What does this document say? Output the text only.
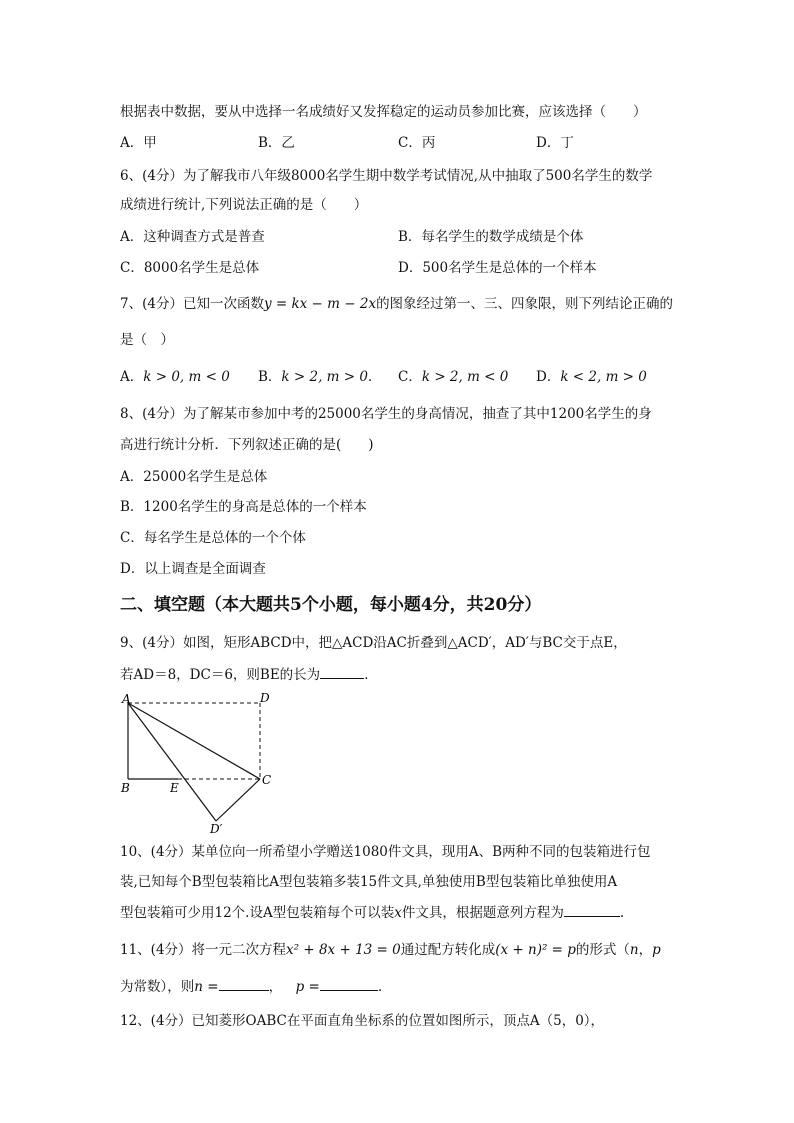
根据表中数据，要从中选择一名成绩好又发挥稳定的运动员参加比赛，应该选择（　　）
A．甲	B．乙	C．丙	D．丁
6、(4分）为了解我市八年级8000名学生期中数学考试情况,从中抽取了500名学生的数学
成绩进行统计,下列说法正确的是（　　）
A．这种调查方式是普查	B．每名学生的数学成绩是个体
C．8000名学生是总体	D．500名学生是总体的一个样本
7、(4分）已知一次函数y = kx − m − 2x的图象经过第一、三、四象限，则下列结论正确的
是（　）
A．k > 0, m < 0 B．k > 2, m > 0． C．k > 2, m < 0 D．k < 2, m > 0
8、(4分）为了解某市参加中考的25000名学生的身高情况，抽查了其中1200名学生的身
高进行统计分析．下列叙述正确的是(　　)
A．25000名学生是总体
B．1200名学生的身高是总体的一个样本
C．每名学生是总体的一个个体
D．以上调查是全面调查
二、填空题（本大题共5个小题，每小题4分，共20分）
9、(4分）如图，矩形ABCD中，把△ACD沿AC折叠到△ACD′，AD′与BC交于点E，
若AD＝8，DC＝6，则BE的长为	．
A	D
B	E
C
D′
10、(4分）某单位向一所希望小学赠送1080件文具，现用A、B两种不同的包装箱进行包
装,已知每个B型包装箱比A型包装箱多装15件文具,单独使用B型包装箱比单独使用A
型包装箱可少用12个.设A型包装箱每个可以装x件文具，根据题意列方程为	.
11、(4分）将一元二次方程x² + 8x + 13 = 0通过配方转化成(x + n)² = p的形式（n，p
为常数），则n =	，  p =	.
12、(4分）已知菱形OABC在平面直角坐标系的位置如图所示，顶点A（5，0），
